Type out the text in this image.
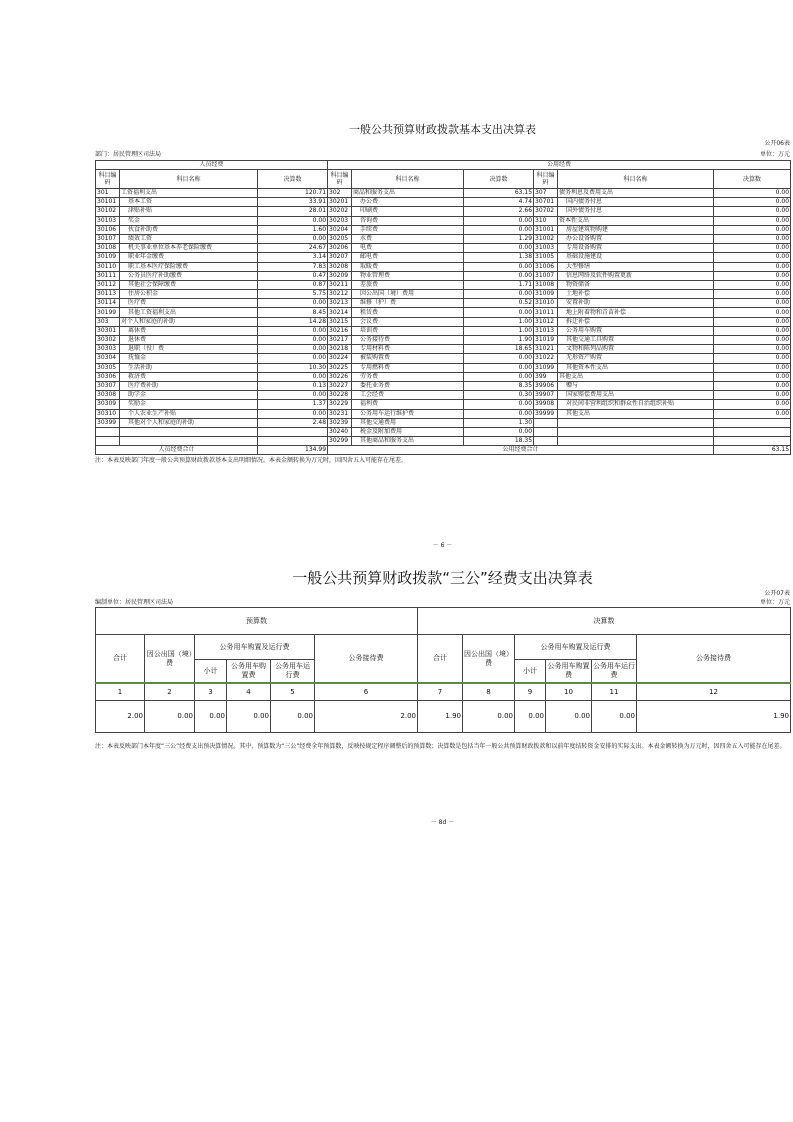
一般公共预算财政拨款基本支出决算表
公开06表
部门：居民管理区司法局	单位：万元
人员经费			公用经费					
科目编码	科目名称	决算数	科目编码	科目名称	决算数	科目编码	科目名称	决算数
301	工资福利支出	120.71	302	商品和服务支出	63.15	307	债务利息及费用支出	0.00
30101	基本工资	33.91	30201	办公费	4.74	30701	国内债务付息	0.00
30102	津贴补贴	28.01	30202	印刷费	2.66	30702	国外债务付息	0.00
30103	奖金	0.00	30203	咨询费	0.00	310	资本性支出	0.00
30106	伙食补助费	1.60	30204	手续费	0.00	31001	房屋建筑物购建	0.00
30107	绩效工资	0.00	30205	水费	1.29	31002	办公设备购置	0.00
30108	机关事业单位基本养老保险缴费	24.67	30206	电费	0.00	31003	专用设备购置	0.00
30109	职业年金缴费	3.14	30207	邮电费	1.38	31005	基础设施建设	0.00
30110	职工基本医疗保险缴费	7.83	30208	取暖费	0.00	31006	大型修缮	0.00
30111	公务员医疗补助缴费	0.47	30209	物业管理费	0.00	31007	信息网络及软件购置更新	0.00
30112	其他社会保障缴费	0.87	30211	差旅费	1.71	31008	物资储备	0.00
30113	住房公积金	5.75	30212	因公出国（境）费用	0.00	31009	土地补偿	0.00
30114	医疗费	0.00	30213	维修（护）费	0.52	31010	安置补助	0.00
30199	其他工资福利支出	8.45	30214	租赁费	0.00	31011	地上附着物和青苗补偿	0.00
303	对个人和家庭的补助	14.28	30215	会议费	1.00	31012	拆迁补偿	0.00
30301	离休费	0.00	30216	培训费	1.00	31013	公务用车购置	0.00
30302	退休费	0.00	30217	公务接待费	1.90	31019	其他交通工具购置	0.00
30303	退职（役）费	0.00	30218	专用材料费	18.65	31021	文物和陈列品购置	0.00
30304	抚恤金	0.00	30224	被装购置费	0.00	31022	无形资产购置	0.00
30305	生活补助	10.30	30225	专用燃料费	0.00	31099	其他资本性支出	0.00
30306	救济费	0.00	30226	劳务费	0.00	399	其他支出	0.00
30307	医疗费补助	0.13	30227	委托业务费	8.35	39906	赠与	0.00
30308	助学金	0.00	30228	工会经费	0.30	39907	国家赔偿费用支出	0.00
30309	奖励金	1.37	30229	福利费	0.00	39908	对民间非营利组织和群众性自治组织补贴	0.00
30310	个人农业生产补贴	0.00	30231	公务用车运行维护费	0.00	39999	其他支出	0.00
30399	其他对个人和家庭的补助	2.48	30239	其他交通费用	1.30			
			30240	税金及附加费用	0.00			
			30299	其他商品和服务支出	18.35			
人员经费合计		134.99	公用经费合计					63.15
注：本表反映部门年度一般公共预算财政拨款基本支出明细情况。本表金额转换为万元时，因四舍五入可能存在尾差。
－ 6 －
一般公共预算财政拨款“三公”经费支出决算表
公开07表
编制单位：居民管理区司法局	单位：万元
预算数						决算数					
合计	因公出国（境）费	公务用车购置及运行费			公务接待费	合计	因公出国（境）费	公务用车购置及运行费			公务接待费
		小计	公务用车购置费	公务用车运行费				小计	公务用车购置费	公务用车运行费	
1	2	3	4	5	6	7	8	9	10	11	12
2.00	0.00	0.00	0.00	0.00	2.00	1.90	0.00	0.00	0.00	0.00	1.90
注：本表反映部门本年度“三公”经费支出预决算情况。其中，预算数为“三公”经费全年预算数，反映按规定程序调整后的预算数；决算数是包括当年一般公共预算财政拨款和以前年度结转资金安排的实际支出。本表金额转换为万元时，因四舍五入可能存在尾差。
－ 8d －
